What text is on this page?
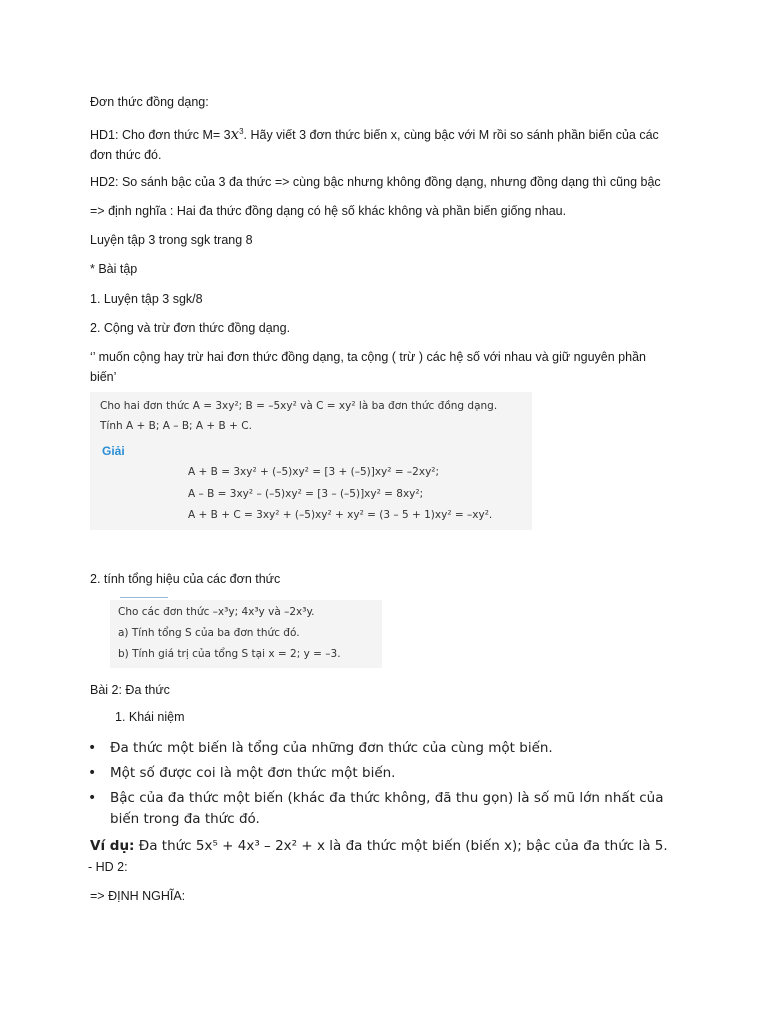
Đơn thức đồng dạng:

HD1: Cho đơn thức $M= 3x^3$. Hãy viết 3 đơn thức biến x, cùng bậc với M rồi so sánh phần biến của các đơn thức đó.

HD2: So sánh bậc của 3 đa thức => cùng bậc nhưng không đồng dạng, nhưng đồng dạng thì cũng bậc

=> định nghĩa : Hai đa thức đồng dạng có hệ số khác không và phần biến giống nhau.

Luyện tập 3 trong sgk trang 8

* Bài tập

1. Luyện tập 3 sgk/8

2. Cộng và trừ đơn thức đồng dạng.

‘’ muốn cộng hay trừ hai đơn thức đồng dạng, ta cộng ( trừ ) các hệ số với nhau và giữ nguyên phần biến’

Cho hai đơn thức A = 3xy²; B = –5xy² và C = xy² là ba đơn thức đồng dạng.
Tính A + B; A – B; A + B + C.
Giải
A + B = 3xy² + (–5)xy² = [3 + (–5)]xy² = –2xy²;
A – B = 3xy² – (–5)xy² = [3 – (–5)]xy² = 8xy²;
A + B + C = 3xy² + (–5)xy² + xy² = (3 – 5 + 1)xy² = –xy².

2. tính tổng hiệu của các đơn thức

Cho các đơn thức –x³y; 4x³y và –2x³y.
a) Tính tổng S của ba đơn thức đó.
b) Tính giá trị của tổng S tại x = 2; y = –3.

Bài 2: Đa thức

1. Khái niệm
• Đa thức một biến là tổng của những đơn thức của cùng một biến.
• Một số được coi là một đơn thức một biến.
• Bậc của đa thức một biến (khác đa thức không, đã thu gọn) là số mũ lớn nhất của biến trong đa thức đó.
Ví dụ: Đa thức 5x⁵ + 4x³ – 2x² + x là đa thức một biến (biến x); bậc của đa thức là 5.

- HD 2:

=> ĐỊNH NGHĨA:
